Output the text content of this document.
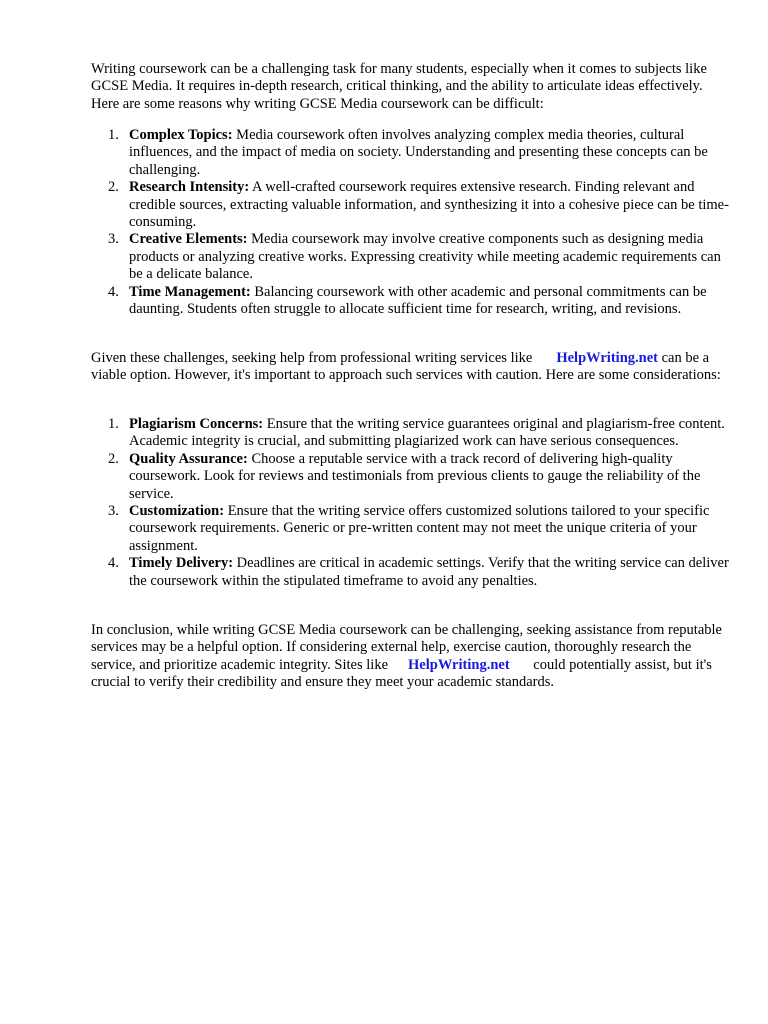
Writing coursework can be a challenging task for many students, especially when it comes to subjects like GCSE Media. It requires in-depth research, critical thinking, and the ability to articulate ideas effectively. Here are some reasons why writing GCSE Media coursework can be difficult:

1. Complex Topics: Media coursework often involves analyzing complex media theories, cultural influences, and the impact of media on society. Understanding and presenting these concepts can be challenging.
2. Research Intensity: A well-crafted coursework requires extensive research. Finding relevant and credible sources, extracting valuable information, and synthesizing it into a cohesive piece can be time-consuming.
3. Creative Elements: Media coursework may involve creative components such as designing media products or analyzing creative works. Expressing creativity while meeting academic requirements can be a delicate balance.
4. Time Management: Balancing coursework with other academic and personal commitments can be daunting. Students often struggle to allocate sufficient time for research, writing, and revisions.

Given these challenges, seeking help from professional writing services like HelpWriting.net can be a viable option. However, it's important to approach such services with caution. Here are some considerations:

1. Plagiarism Concerns: Ensure that the writing service guarantees original and plagiarism-free content. Academic integrity is crucial, and submitting plagiarized work can have serious consequences.
2. Quality Assurance: Choose a reputable service with a track record of delivering high-quality coursework. Look for reviews and testimonials from previous clients to gauge the reliability of the service.
3. Customization: Ensure that the writing service offers customized solutions tailored to your specific coursework requirements. Generic or pre-written content may not meet the unique criteria of your assignment.
4. Timely Delivery: Deadlines are critical in academic settings. Verify that the writing service can deliver the coursework within the stipulated timeframe to avoid any penalties.

In conclusion, while writing GCSE Media coursework can be challenging, seeking assistance from reputable services may be a helpful option. If considering external help, exercise caution, thoroughly research the service, and prioritize academic integrity. Sites like HelpWriting.net could potentially assist, but it's crucial to verify their credibility and ensure they meet your academic standards.
